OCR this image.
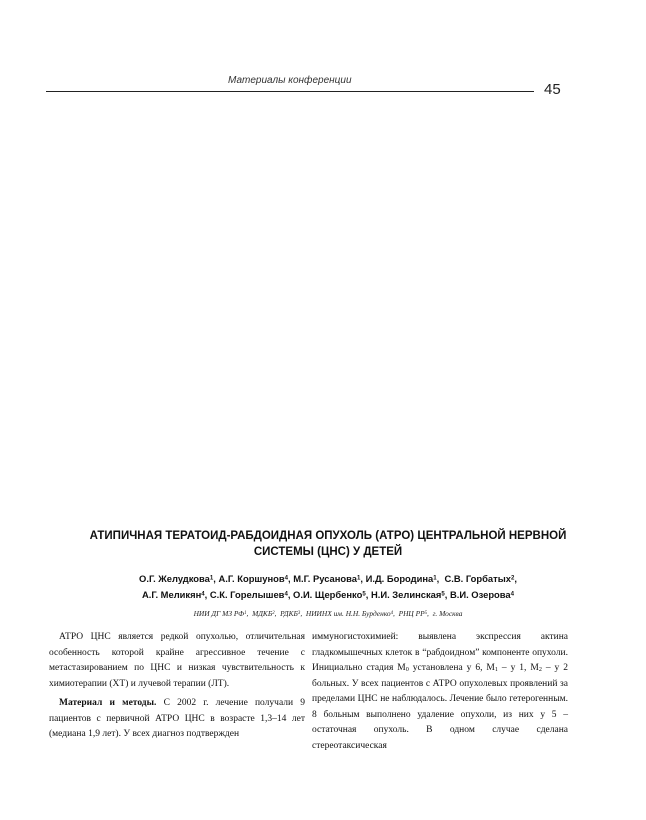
Материалы конференции
45
АТИПИЧНАЯ ТЕРАТОИД-РАБДОИДНАЯ ОПУХОЛЬ (АТРО) ЦЕНТРАЛЬНОЙ НЕРВНОЙ
СИСТЕМЫ (ЦНС) У ДЕТЕЙ
О.Г. Желудкова$^1$, А.Г. Коршунов$^4$, М.Г. Русанова$^1$, И.Д. Бородина$^1$,  С.В. Горбатых$^2$,
А.Г. Меликян$^4$, С.К. Горелышев$^4$, О.И. Щербенко$^5$, Н.И. Зелинская$^5$, В.И. Озерова$^4$
НИИ ДГ МЗ $РФ^1$,  МДКБ$^2$,  РДКБ$^3$,  НИИНХ им. Н.Н. Бурденко$^4$,  РНЦ $РР^5$,  г. Москва

АТРО ЦНС является редкой опухолью, отличительная особенность которой крайне агрессивное течение с метастазированием по ЦНС и низкая чувствительность к химиотерапии (ХТ) и лучевой терапии (ЛТ).

Материал и методы. С 2002 г. лечение получали 9 пациентов с первичной АТРО ЦНС в возрасте 1,3–14 лет (медиана 1,9 лет). У всех диагноз подтвержден

иммуногистохимией: выявлена экспрессия актина гладкомышечных клеток в “рабдоидном” компоненте опухоли. Инициально стадия $M_0$ установлена у 6, $M_1$ – у 1, $M_2$ – у 2 больных. У всех пациентов с АТРО опухолевых проявлений за пределами ЦНС не наблюдалось. Лечение было гетерогенным. 8 больным выполнено удаление опухоли, из них у 5 – остаточная опухоль. В одном случае сделана стереотаксическая
